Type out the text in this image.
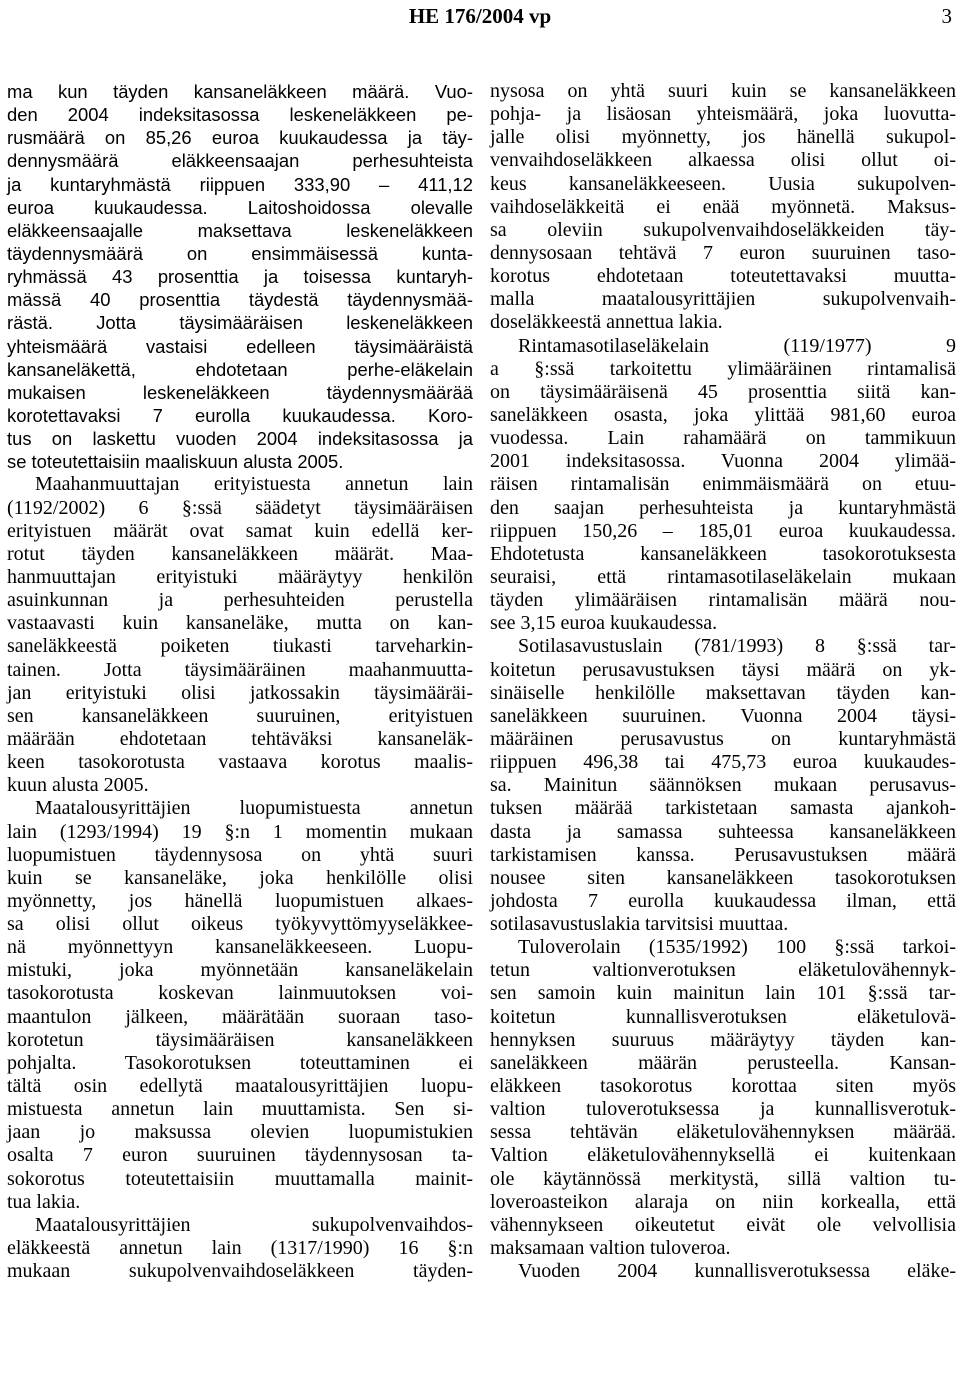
HE 176/2004 vp	3
ma kun täyden kansaneläkkeen määrä. Vuo-
den 2004 indeksitasossa leskeneläkkeen pe-
rusmäärä on 85,26 euroa kuukaudessa ja täy-
dennysmäärä eläkkeensaajan perhesuhteista
ja kuntaryhmästä riippuen 333,90 – 411,12
euroa kuukaudessa. Laitoshoidossa olevalle
eläkkeensaajalle maksettava leskeneläkkeen
täydennysmäärä on ensimmäisessä kunta-
ryhmässä 43 prosenttia ja toisessa kuntaryh-
mässä 40 prosenttia täydestä täydennysmää-
rästä. Jotta täysimääräisen leskeneläkkeen
yhteismäärä vastaisi edelleen täysimääräistä
kansaneläkettä, ehdotetaan perhe-eläkelain
mukaisen leskeneläkkeen täydennysmäärää
korotettavaksi 7 eurolla kuukaudessa. Koro-
tus on laskettu vuoden 2004 indeksitasossa ja
se toteutettaisiin maaliskuun alusta 2005.
Maahanmuuttajan erityistuesta annetun lain
(1192/2002) 6 §:ssä säädetyt täysimääräisen
erityistuen määrät ovat samat kuin edellä ker-
rotut täyden kansaneläkkeen määrät. Maa-
hanmuuttajan erityistuki määräytyy henkilön
asuinkunnan ja perhesuhteiden perustella
vastaavasti kuin kansaneläke, mutta on kan-
saneläkkeestä poiketen tiukasti tarveharkin-
tainen. Jotta täysimääräinen maahanmuutta-
jan erityistuki olisi jatkossakin täysimääräi-
sen kansaneläkkeen suuruinen, erityistuen
määrään ehdotetaan tehtäväksi kansaneläk-
keen tasokorotusta vastaava korotus maalis-
kuun alusta 2005.
Maatalousyrittäjien luopumistuesta annetun
lain (1293/1994) 19 §:n 1 momentin mukaan
luopumistuen täydennysosa on yhtä suuri
kuin se kansaneläke, joka henkilölle olisi
myönnetty, jos hänellä luopumistuen alkaes-
sa olisi ollut oikeus työkyvyttömyyseläkkee-
nä myönnettyyn kansaneläkkeeseen. Luopu-
mistuki, joka myönnetään kansaneläkelain
tasokorotusta koskevan lainmuutoksen voi-
maantulon jälkeen, määrätään suoraan taso-
korotetun täysimääräisen kansaneläkkeen
pohjalta. Tasokorotuksen toteuttaminen ei
tältä osin edellytä maatalousyrittäjien luopu-
mistuesta annetun lain muuttamista. Sen si-
jaan jo maksussa olevien luopumistukien
osalta 7 euron suuruinen täydennysosan ta-
sokorotus toteutettaisiin muuttamalla mainit-
tua lakia.
Maatalousyrittäjien sukupolvenvaihdos-
eläkkeestä annetun lain (1317/1990) 16 §:n
mukaan sukupolvenvaihdoseläkkeen täyden-
nysosa on yhtä suuri kuin se kansaneläkkeen
pohja- ja lisäosan yhteismäärä, joka luovutta-
jalle olisi myönnetty, jos hänellä sukupol-
venvaihdoseläkkeen alkaessa olisi ollut oi-
keus kansaneläkkeeseen. Uusia sukupolven-
vaihdoseläkkeitä ei enää myönnetä. Maksus-
sa oleviin sukupolvenvaihdoseläkkeiden täy-
dennysosaan tehtävä 7 euron suuruinen taso-
korotus ehdotetaan toteutettavaksi muutta-
malla maatalousyrittäjien sukupolvenvaih-
doseläkkeestä annettua lakia.
Rintamasotilaseläkelain (119/1977) 9
a §:ssä tarkoitettu ylimääräinen rintamalisä
on täysimääräisenä 45 prosenttia siitä kan-
saneläkkeen osasta, joka ylittää 981,60 euroa
vuodessa. Lain rahamäärä on tammikuun
2001 indeksitasossa. Vuonna 2004 ylimää-
räisen rintamalisän enimmäismäärä on etuu-
den saajan perhesuhteista ja kuntaryhmästä
riippuen 150,26 – 185,01 euroa kuukaudessa.
Ehdotetusta kansaneläkkeen tasokorotuksesta
seuraisi, että rintamasotilaseläkelain mukaan
täyden ylimääräisen rintamalisän määrä nou-
see 3,15 euroa kuukaudessa.
Sotilasavustuslain (781/1993) 8 §:ssä tar-
koitetun perusavustuksen täysi määrä on yk-
sinäiselle henkilölle maksettavan täyden kan-
saneläkkeen suuruinen. Vuonna 2004 täysi-
määräinen perusavustus on kuntaryhmästä
riippuen 496,38 tai 475,73 euroa kuukaudes-
sa. Mainitun säännöksen mukaan perusavus-
tuksen määrää tarkistetaan samasta ajankoh-
dasta ja samassa suhteessa kansaneläkkeen
tarkistamisen kanssa. Perusavustuksen määrä
nousee siten kansaneläkkeen tasokorotuksen
johdosta 7 eurolla kuukaudessa ilman, että
sotilasavustuslakia tarvitsisi muuttaa.
Tuloverolain (1535/1992) 100 §:ssä tarkoi-
tetun valtionverotuksen eläketulovähennyk-
sen samoin kuin mainitun lain 101 §:ssä tar-
koitetun kunnallisverotuksen eläketulovä-
hennyksen suuruus määräytyy täyden kan-
saneläkkeen määrän perusteella. Kansan-
eläkkeen tasokorotus korottaa siten myös
valtion tuloverotuksessa ja kunnallisverotuk-
sessa tehtävän eläketulovähennyksen määrää.
Valtion eläketulovähennyksellä ei kuitenkaan
ole käytännössä merkitystä, sillä valtion tu-
loveroasteikon alaraja on niin korkealla, että
vähennykseen oikeutetut eivät ole velvollisia
maksamaan valtion tuloveroa.
Vuoden 2004 kunnallisverotuksessa eläke-
